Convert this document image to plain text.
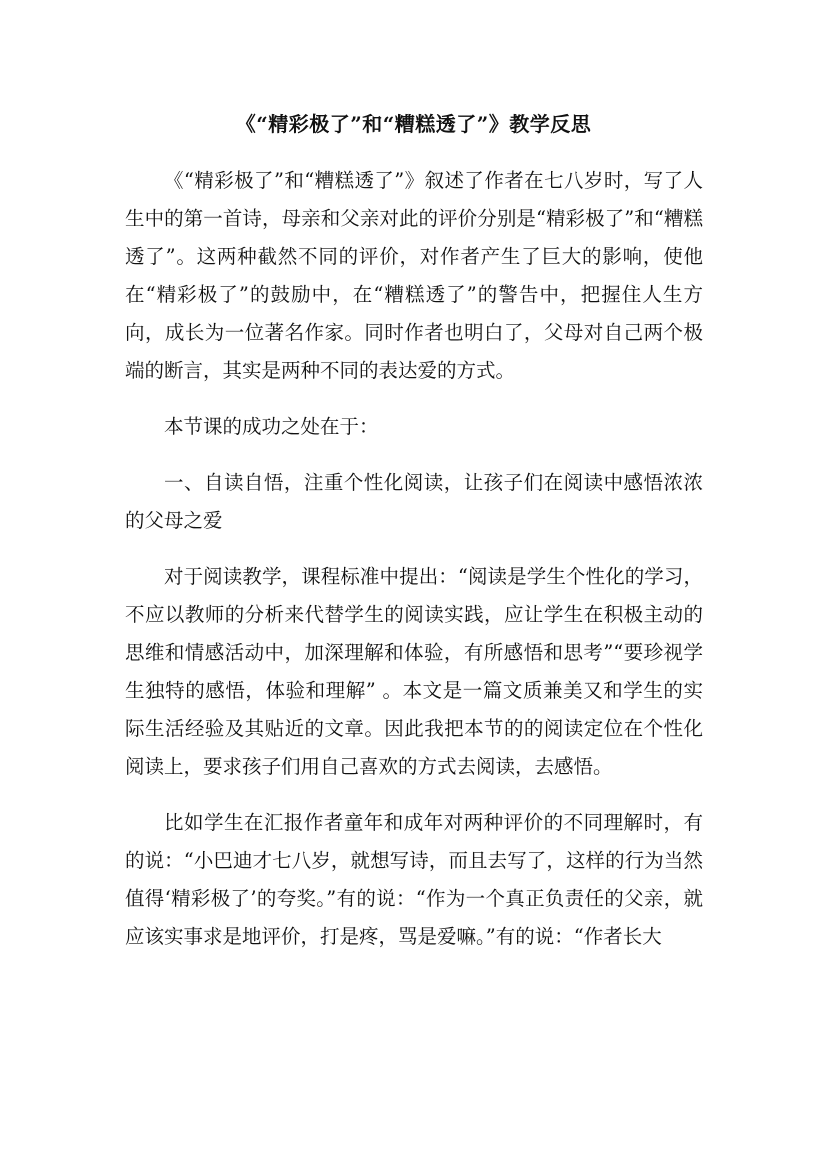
《“精彩极了”和“糟糕透了”》教学反思

《“精彩极了”和“糟糕透了”》叙述了作者在七八岁时，写了人生中的第一首诗，母亲和父亲对此的评价分别是“精彩极了”和“糟糕透了”。这两种截然不同的评价，对作者产生了巨大的影响，使他在“精彩极了”的鼓励中，在“糟糕透了”的警告中，把握住人生方向，成长为一位著名作家。同时作者也明白了，父母对自己两个极端的断言，其实是两种不同的表达爱的方式。

本节课的成功之处在于：

一、自读自悟，注重个性化阅读，让孩子们在阅读中感悟浓浓的父母之爱

对于阅读教学，课程标准中提出：“阅读是学生个性化的学习，不应以教师的分析来代替学生的阅读实践，应让学生在积极主动的思维和情感活动中，加深理解和体验，有所感悟和思考”“要珍视学生独特的感悟，体验和理解” 。本文是一篇文质兼美又和学生的实际生活经验及其贴近的文章。因此我把本节的的阅读定位在个性化阅读上，要求孩子们用自己喜欢的方式去阅读，去感悟。

比如学生在汇报作者童年和成年对两种评价的不同理解时，有的说：“小巴迪才七八岁，就想写诗，而且去写了，这样的行为当然值得‘精彩极了’的夸奖。”有的说：“作为一个真正负责任的父亲，就应该实事求是地评价，打是疼，骂是爱嘛。”有的说：“作者长大
